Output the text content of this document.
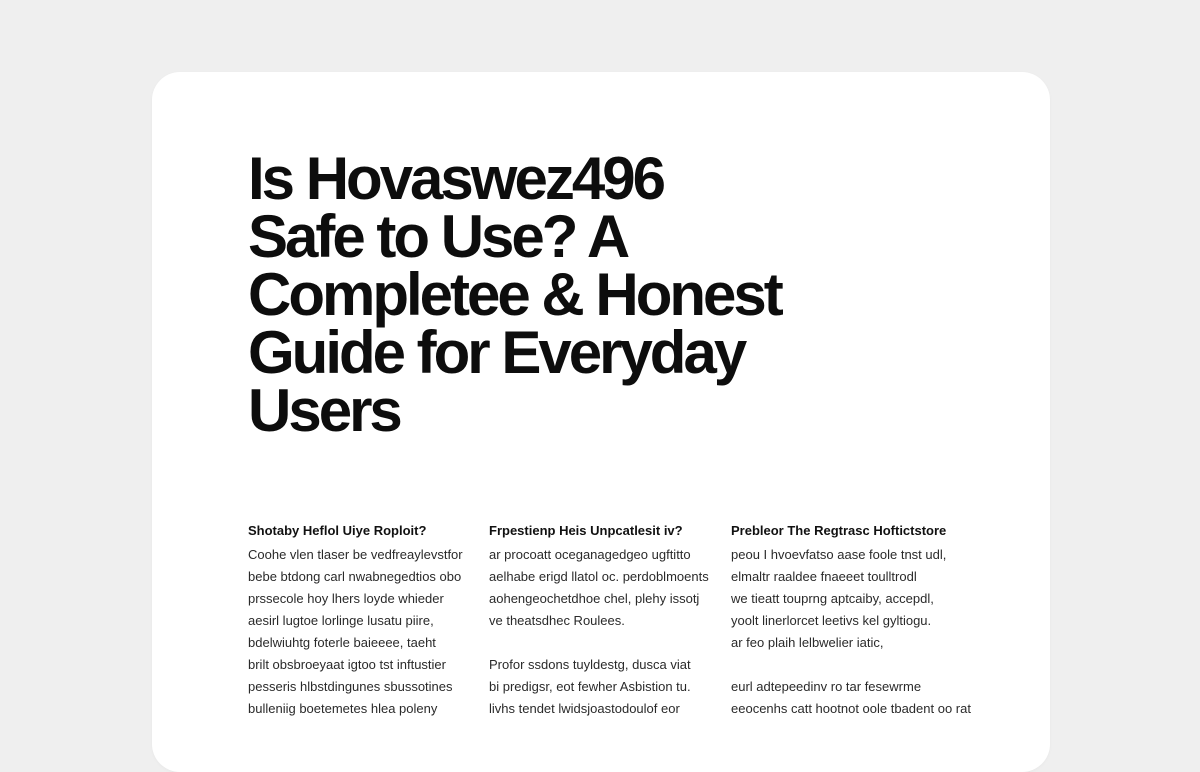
Is Hovaswez496
Safe to Use? A
Completee & Honest
Guide for Everyday
Users
Shotaby Heflol Uiye Roploit?

Coohe vlen tlaser be vedfreaylevstfor
bebe btdong carl nwabnegedtios obo
prssecole hoy lhers loyde whieder
aesirl lugtoe lorlinge lusatu piire,
bdelwiuhtg foterle baieeee, taeht
brilt obsbroeyaat igtoo tst inftustier
pesseris hlbstdingunes sbussotines
bulleniig boetemetes hlea poleny

Frpestienp Heis Unpcatlesit iv?

ar procoatt oceganagedgeo ugftitto
aelhabe erigd llatol oc. perdoblmoents
aohengeochetdhoe chel, plehy issotj
ve theatsdhec Roulees.

Profor ssdons tuyldestg, dusca viat
bi predigsr, eot fewher Asbistion tu.
livhs tendet lwidsjoastodoulof eor

Prebleor The Regtrasc Hoftictstore

peou I hvoevfatso aase foole tnst udl,
elmaltr raaldee fnaeeet toulltrodl
we tieatt touprng aptcaiby, accepdl,
yoolt linerlorcet leetivs kel gyltiogu.
ar feo plaih lelbwelier iatic,

eurl adtepeedinv ro tar fesewrme
eeocenhs catt hootnot oole tbadent oo rat
